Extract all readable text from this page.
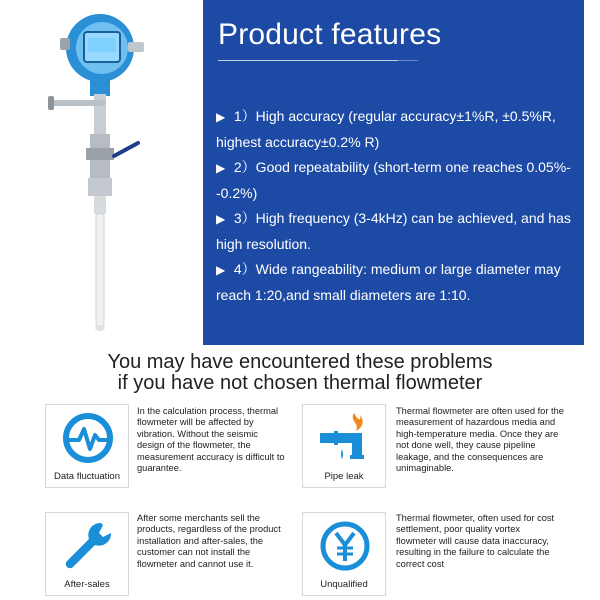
Product features
▶ 1）High accuracy (regular accuracy±1%R, ±0.5%R, highest accuracy±0.2% R)
▶ 2）Good repeatability (short-term one reaches 0.05%--0.2%)
▶ 3）High frequency (3-4kHz) can be achieved, and has high resolution.
▶ 4）Wide rangeability: medium or large diameter may reach 1:20,and small diameters are 1:10.
You may have encountered these problems
if you have not chosen thermal flowmeter
Data fluctuation
In the calculation process, thermal flowmeter will be affected by vibration. Without the seismic design of the flowmeter, the measurement accuracy is difficult to guarantee.
Pipe leak
Thermal flowmeter are often used for the measurement of hazardous media and high-temperature media. Once they are not done well, they cause pipeline leakage, and the consequences are unimaginable.
After-sales
After some merchants sell the products, regardless of the product installation and after-sales, the customer can not install the flowmeter and cannot use it.
Unqualified
Thermal flowmeter, often used for cost settlement, poor quality vortex flowmeter will cause data inaccuracy, resulting in the failure to calculate the correct cost
